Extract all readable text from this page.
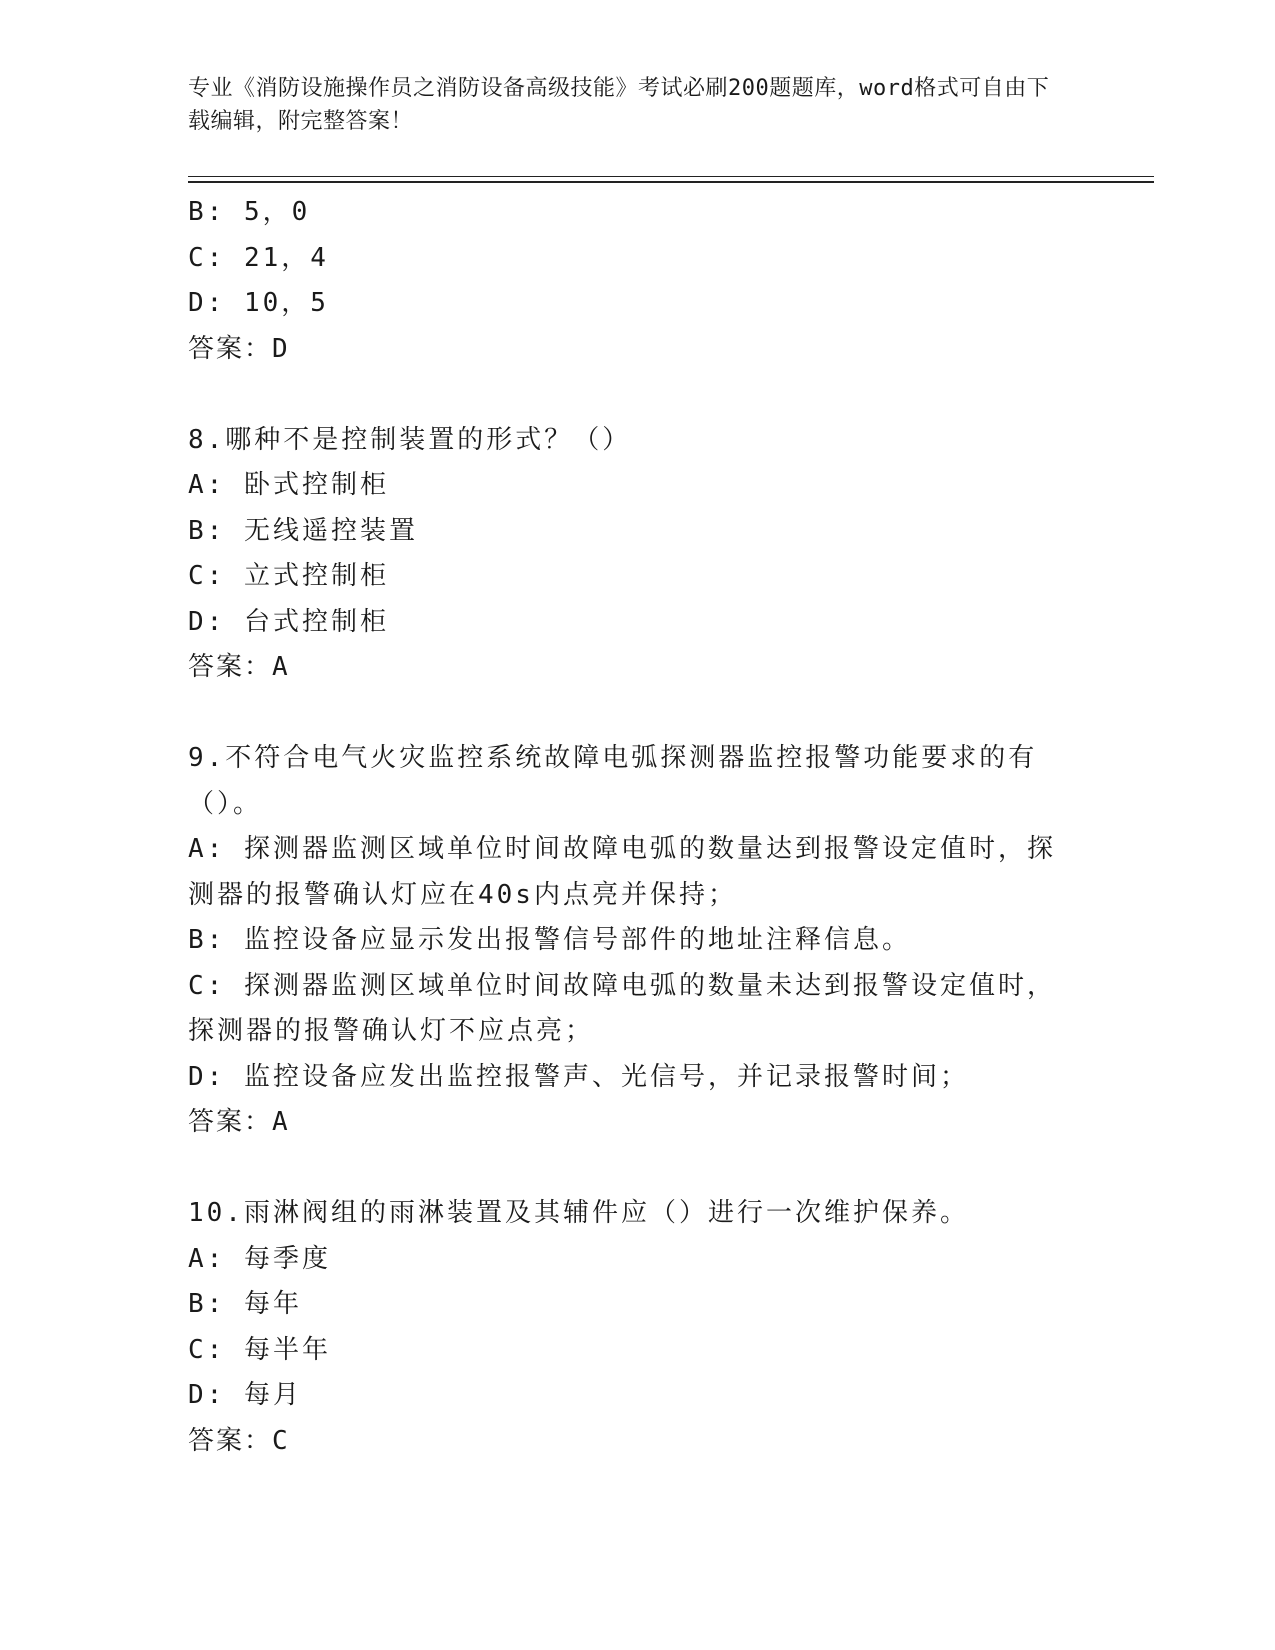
专业《消防设施操作员之消防设备高级技能》考试必刷200题题库，word格式可自由下载编辑，附完整答案！
B: 5，0
C: 21，4
D: 10，5
答案：D
8.哪种不是控制装置的形式？（）
A: 卧式控制柜
B: 无线遥控装置
C: 立式控制柜
D: 台式控制柜
答案：A
9.不符合电气火灾监控系统故障电弧探测器监控报警功能要求的有（）。
A: 探测器监测区域单位时间故障电弧的数量达到报警设定值时，探测器的报警确认灯应在40s内点亮并保持；
B: 监控设备应显示发出报警信号部件的地址注释信息。
C: 探测器监测区域单位时间故障电弧的数量未达到报警设定值时，探测器的报警确认灯不应点亮；
D: 监控设备应发出监控报警声、光信号，并记录报警时间；
答案：A
10.雨淋阀组的雨淋装置及其辅件应（）进行一次维护保养。
A: 每季度
B: 每年
C: 每半年
D: 每月
答案：C
